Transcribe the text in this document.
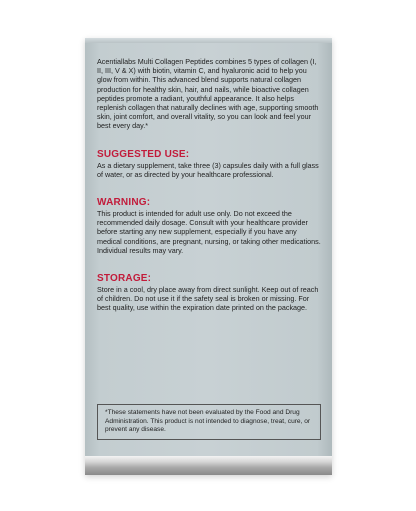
Acentiallabs Multi Collagen Peptides combines 5 types of collagen (I, II, III, V & X) with biotin, vitamin C, and hyaluronic acid to help you glow from within. This advanced blend supports natural collagen production for healthy skin, hair, and nails, while bioactive collagen peptides promote a radiant, youthful appearance. It also helps replenish collagen that naturally declines with age, supporting smooth skin, joint comfort, and overall vitality, so you can look and feel your best every day.*

SUGGESTED USE:

As a dietary supplement, take three (3) capsules daily with a full glass of water, or as directed by your healthcare professional.

WARNING:

This product is intended for adult use only. Do not exceed the recommended daily dosage. Consult with your healthcare provider before starting any new supplement, especially if you have any medical conditions, are pregnant, nursing, or taking other medications. Individual results may vary.

STORAGE:

Store in a cool, dry place away from direct sunlight. Keep out of reach of children. Do not use it if the safety seal is broken or missing. For best quality, use within the expiration date printed on the package.

*These statements have not been evaluated by the Food and Drug Administration. This product is not intended to diagnose, treat, cure, or prevent any disease.
